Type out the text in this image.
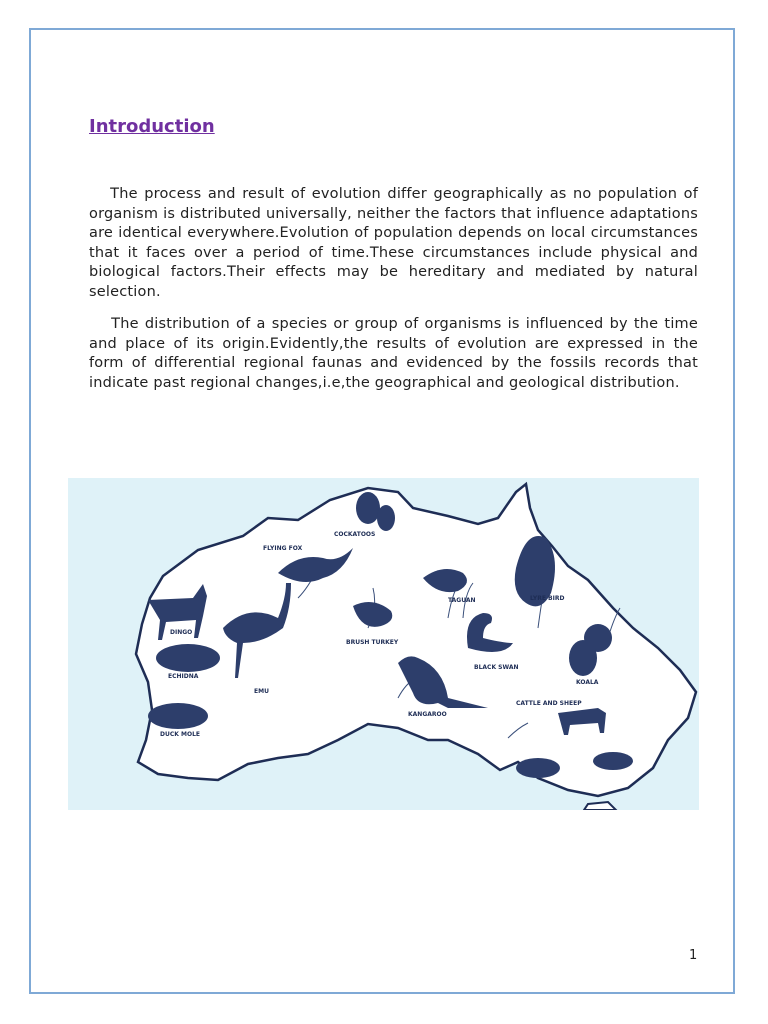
Introduction

  The process and result of evolution differ geographically as no population of organism is distributed universally, neither the factors that influence adaptations are identical everywhere.Evolution of population depends on local circumstances that it faces over a period of time.These circumstances include physical and biological factors.Their effects may be hereditary and mediated by natural selection.

  The distribution of a species or group of organisms is influenced by the time and place of its origin.Evidently,the results of evolution are expressed in the form of differential regional faunas and evidenced by the fossils records that indicate past regional changes,i.e,the geographical and geological distribution.

COCKATOOS
FLYING FOX
TAGUAN	LYRE BIRD
DINGO
BRUSH TURKEY
BLACK SWAN
KOALA
ECHIDNA
EMU
KANGAROO
CATTLE AND SHEEP
DUCK MOLE
1
